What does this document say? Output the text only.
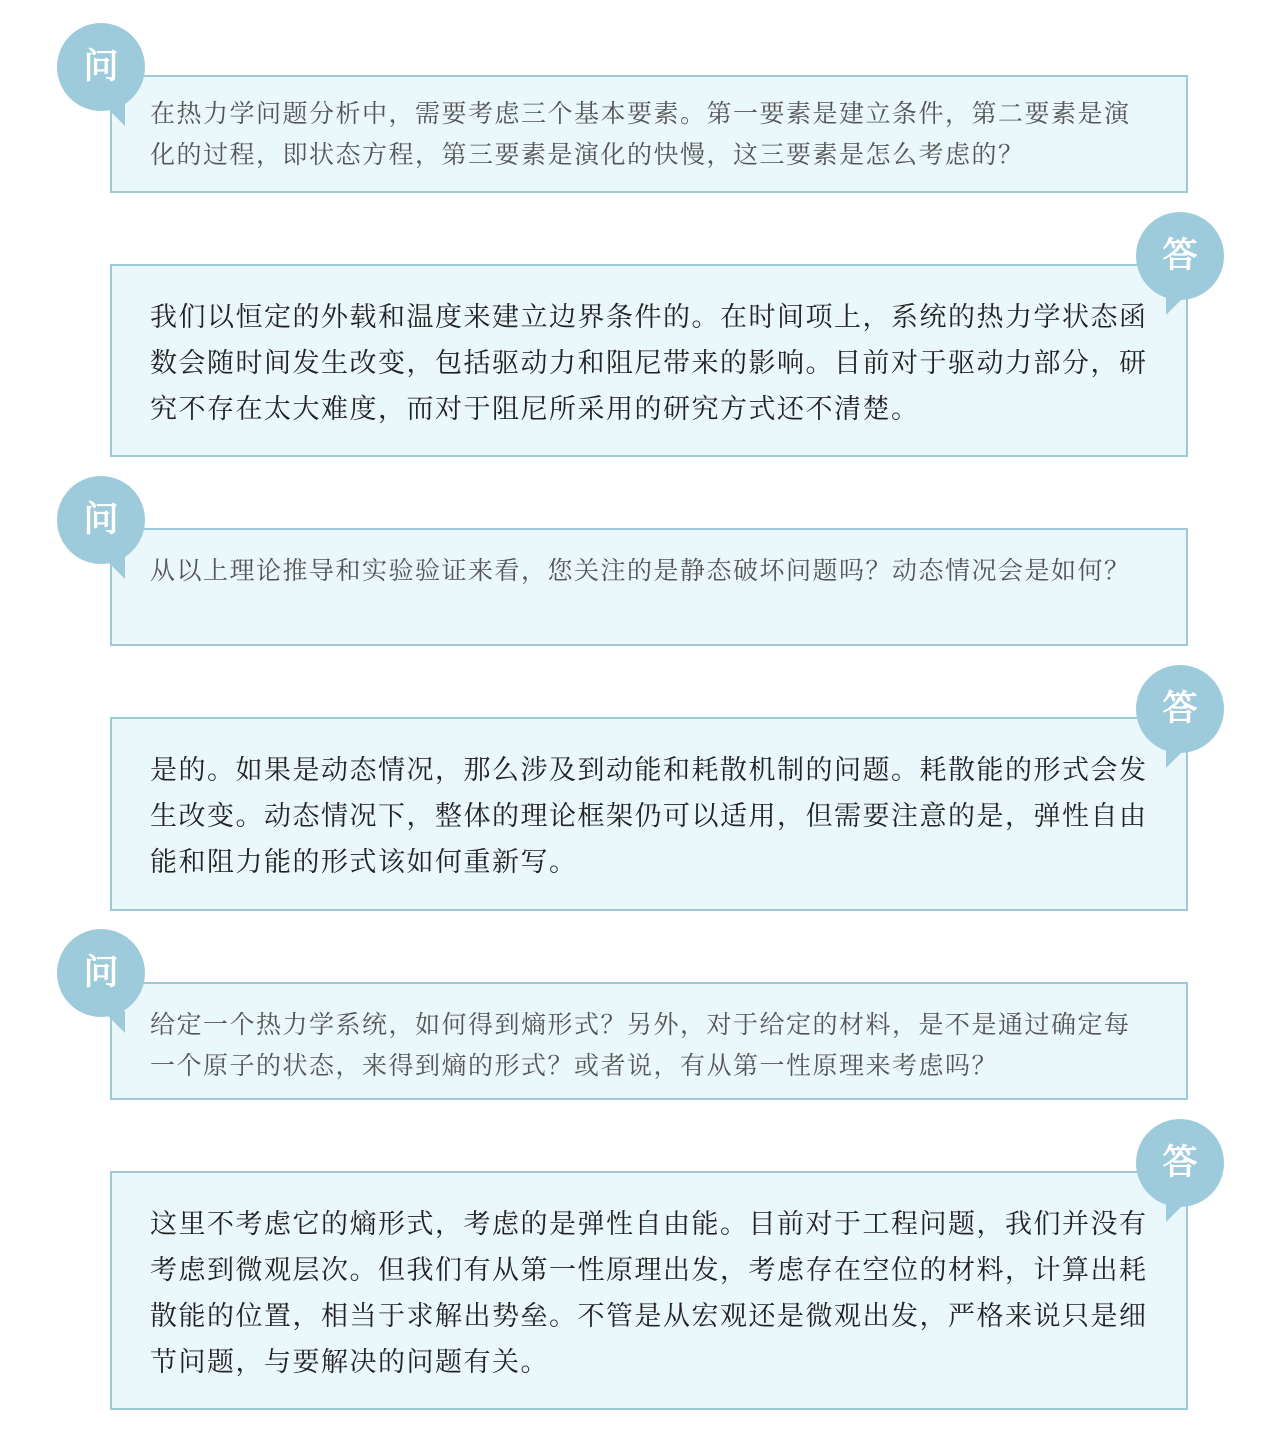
在热力学问题分析中，需要考虑三个基本要素。第一要素是建立条件，第二要素是演化的过程，即状态方程，第三要素是演化的快慢，这三要素是怎么考虑的？
问
我们以恒定的外载和温度来建立边界条件的。在时间项上，系统的热力学状态函数会随时间发生改变，包括驱动力和阻尼带来的影响。目前对于驱动力部分，研究不存在太大难度，而对于阻尼所采用的研究方式还不清楚。
答
从以上理论推导和实验验证来看，您关注的是静态破坏问题吗？动态情况会是如何？
问
是的。如果是动态情况，那么涉及到动能和耗散机制的问题。耗散能的形式会发生改变。动态情况下，整体的理论框架仍可以适用，但需要注意的是，弹性自由能和阻力能的形式该如何重新写。
答
给定一个热力学系统，如何得到熵形式？另外，对于给定的材料，是不是通过确定每一个原子的状态，来得到熵的形式？或者说，有从第一性原理来考虑吗？
问
这里不考虑它的熵形式，考虑的是弹性自由能。目前对于工程问题，我们并没有考虑到微观层次。但我们有从第一性原理出发，考虑存在空位的材料，计算出耗散能的位置，相当于求解出势垒。不管是从宏观还是微观出发，严格来说只是细节问题，与要解决的问题有关。
答
